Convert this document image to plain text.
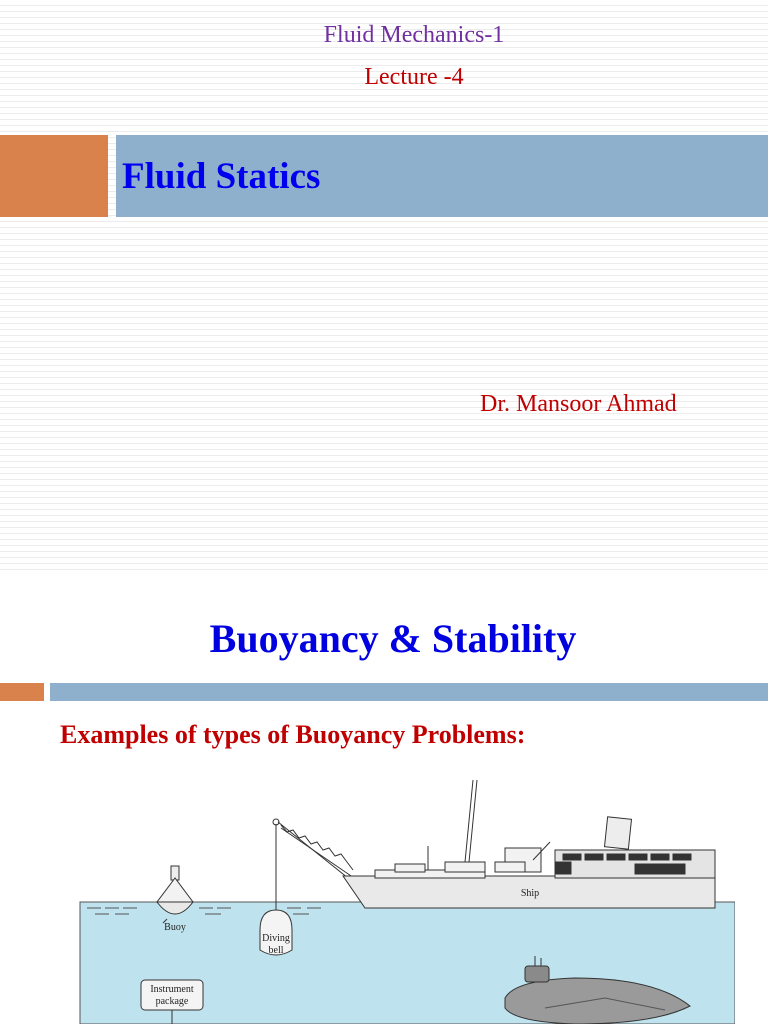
Fluid Mechanics-1
Lecture -4
Fluid Statics
Dr. Mansoor Ahmad
Buoyancy & Stability
Examples of types of Buoyancy Problems:
Buoy
Diving
bell
Ship
Instrument
package
